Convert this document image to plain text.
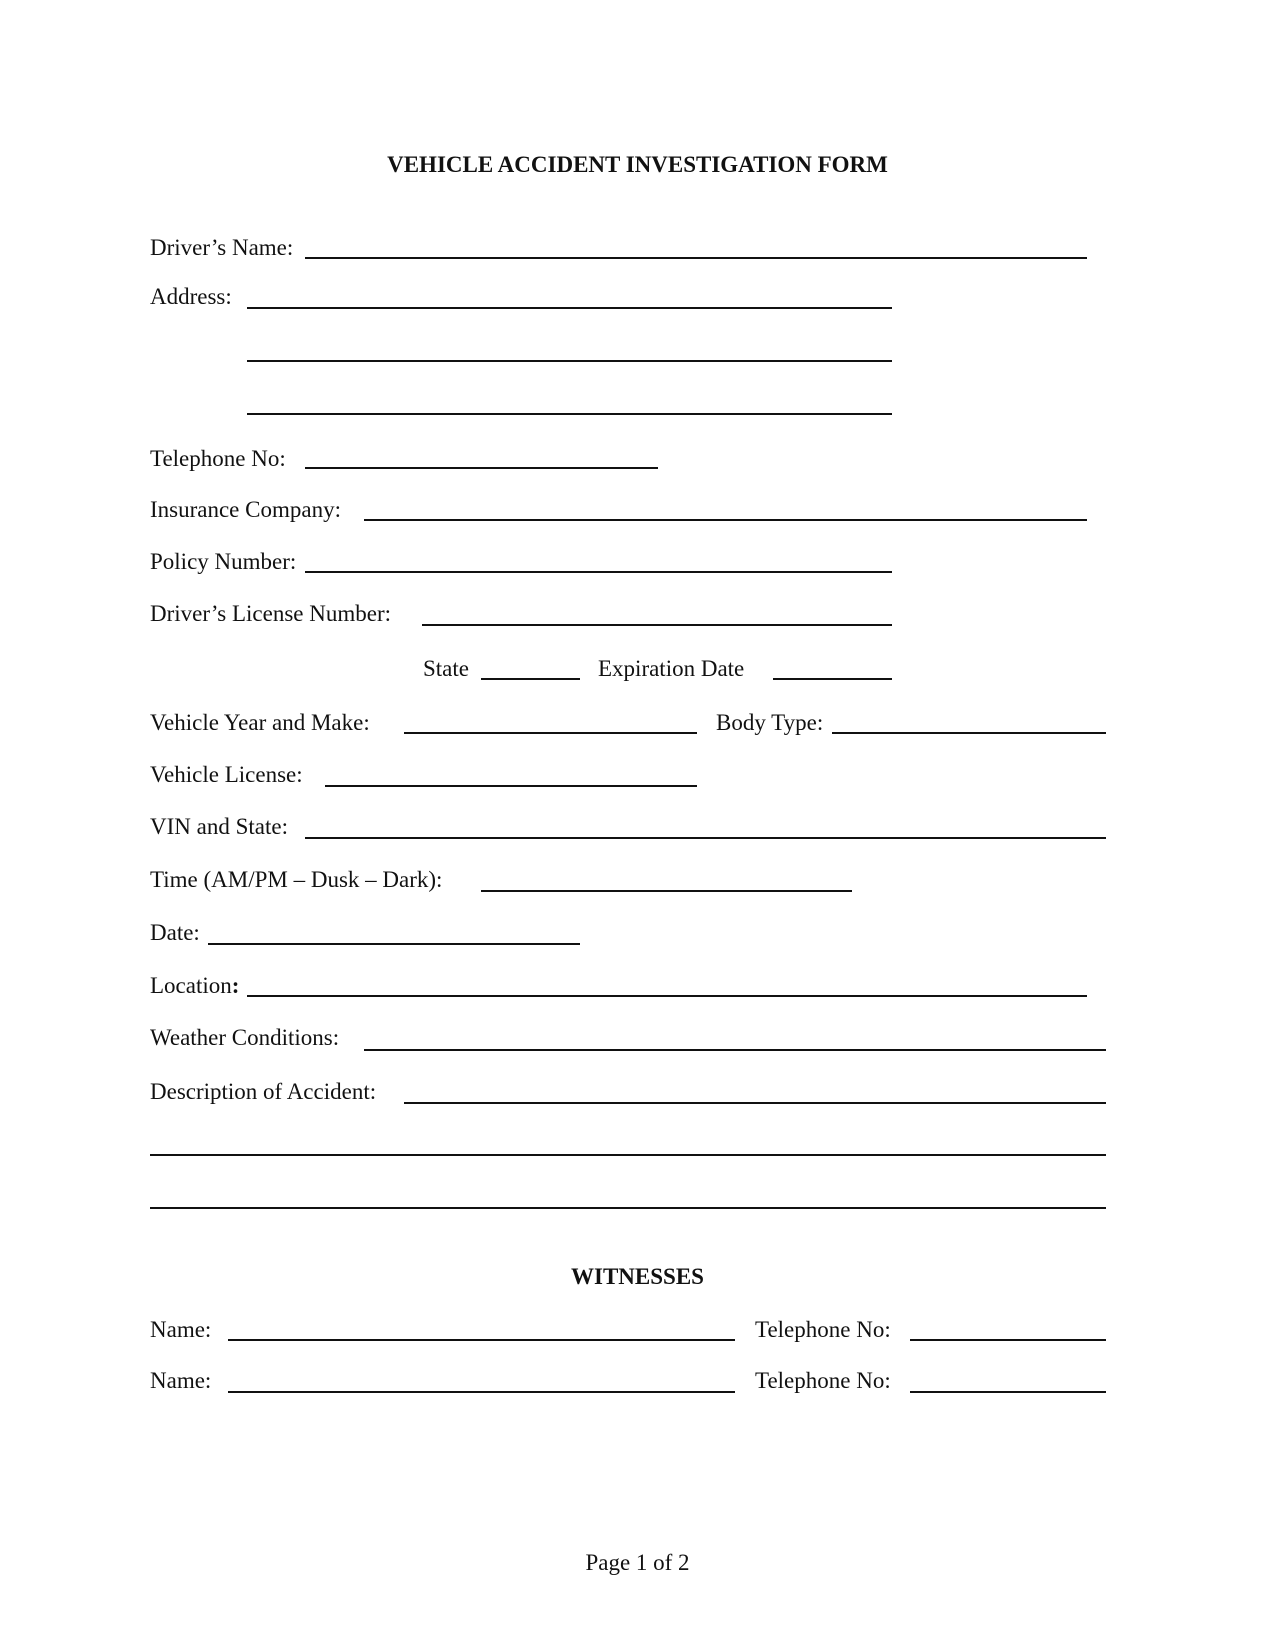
VEHICLE ACCIDENT INVESTIGATION FORM
Driver’s Name:
Address:
Telephone No:
Insurance Company:
Policy Number:
Driver’s License Number:
State	Expiration Date
Vehicle Year and Make:	Body Type:
Vehicle License:
VIN and State:
Time (AM/PM – Dusk – Dark):
Date:
Location:
Weather Conditions:
Description of Accident:
WITNESSES
Name:	Telephone No:
Name:	Telephone No:
Page 1 of 2
